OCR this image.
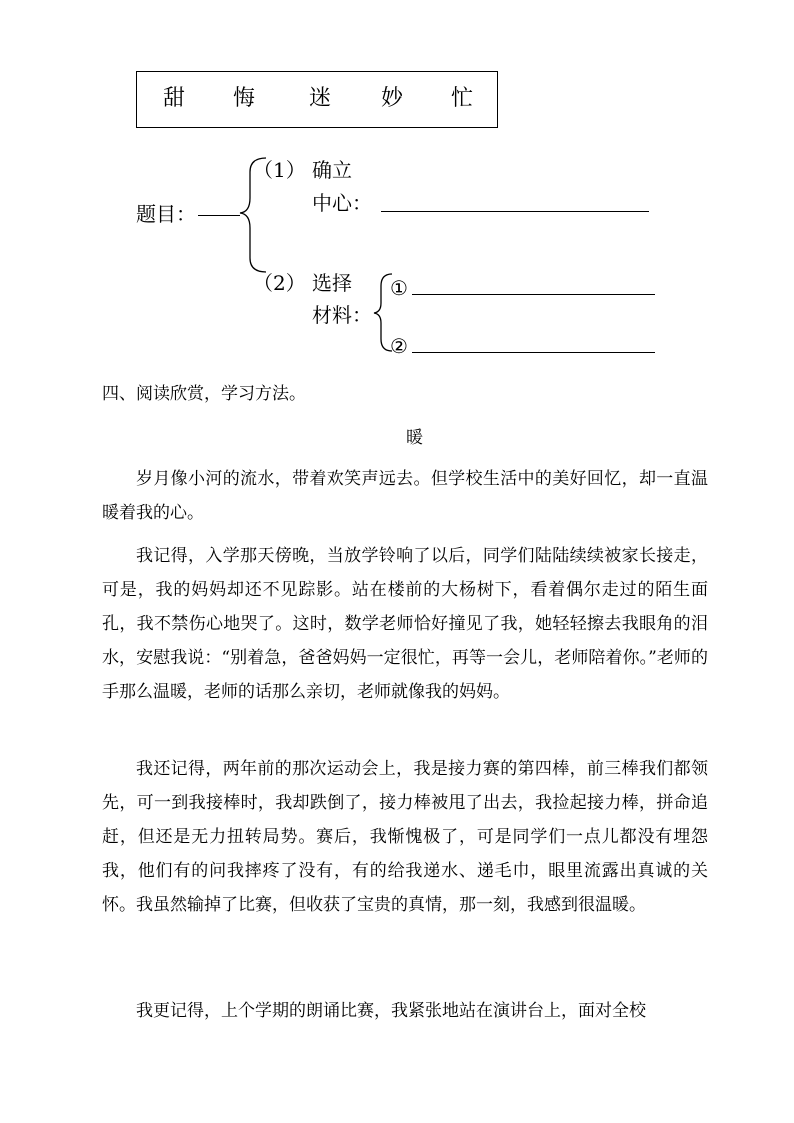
甜 悔 迷 妙 忙
题目：
（1） 确立
中心：
（2） 选择
材料：
①
②
四、阅读欣赏，学习方法。
暖

岁月像小河的流水，带着欢笑声远去。但学校生活中的美好回忆，却一直温暖着我的心。

我记得，入学那天傍晚，当放学铃响了以后，同学们陆陆续续被家长接走，可是，我的妈妈却还不见踪影。站在楼前的大杨树下，看着偶尔走过的陌生面孔，我不禁伤心地哭了。这时，数学老师恰好撞见了我，她轻轻擦去我眼角的泪水，安慰我说：“别着急，爸爸妈妈一定很忙，再等一会儿，老师陪着你。”老师的手那么温暖，老师的话那么亲切，老师就像我的妈妈。

我还记得，两年前的那次运动会上，我是接力赛的第四棒，前三棒我们都领先，可一到我接棒时，我却跌倒了，接力棒被甩了出去，我捡起接力棒，拼命追赶，但还是无力扭转局势。赛后，我惭愧极了，可是同学们一点儿都没有埋怨我，他们有的问我摔疼了没有，有的给我递水、递毛巾，眼里流露出真诚的关怀。我虽然输掉了比赛，但收获了宝贵的真情，那一刻，我感到很温暖。

我更记得，上个学期的朗诵比赛，我紧张地站在演讲台上，面对全校
